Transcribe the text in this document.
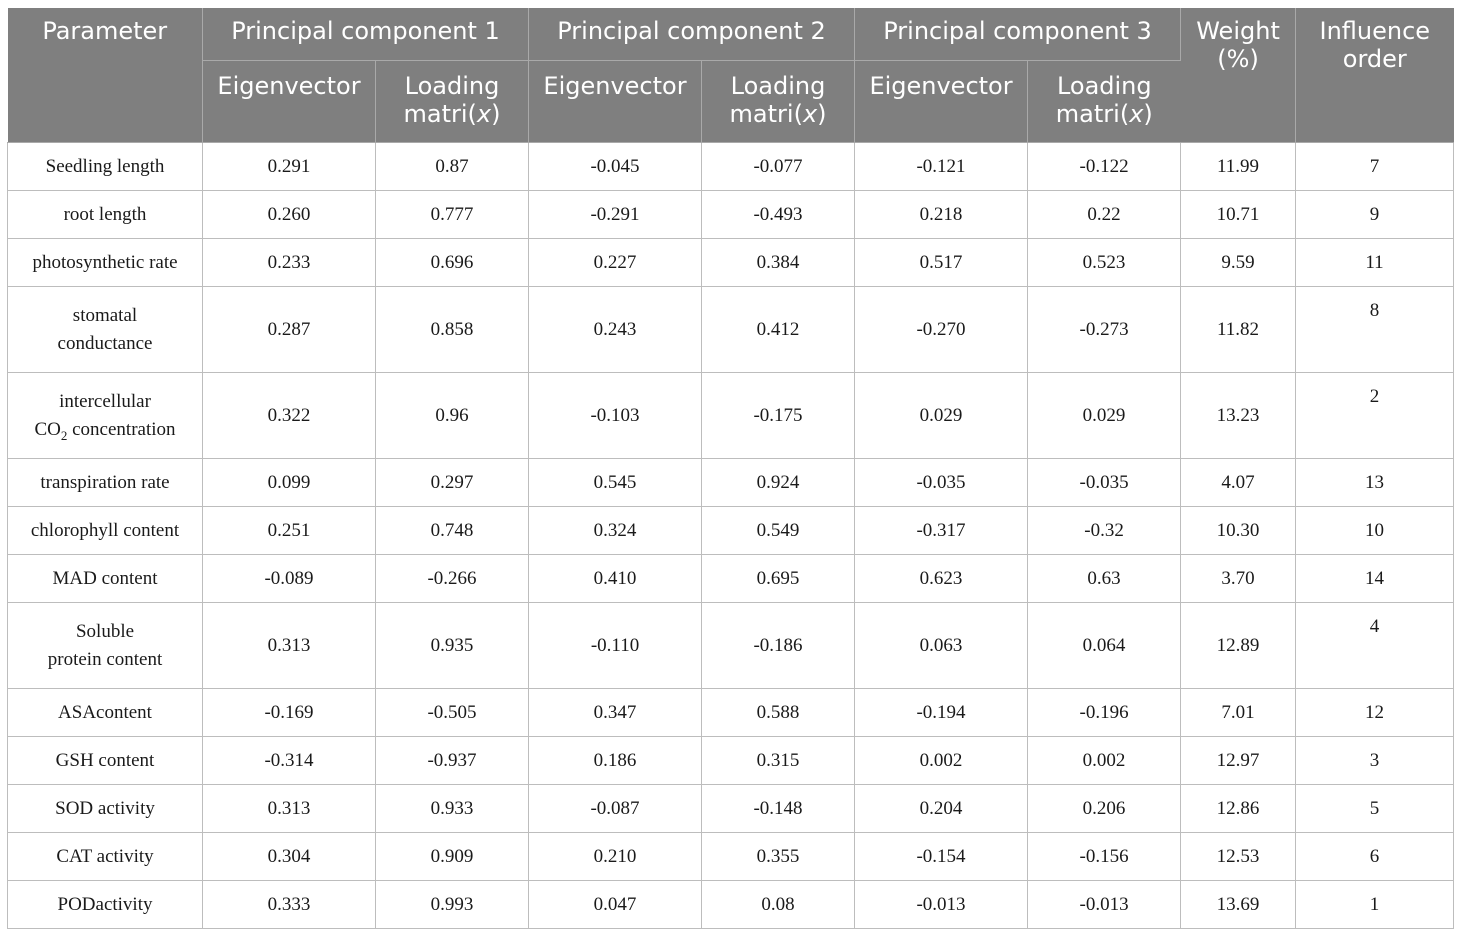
Parameter	Principal component 1		Principal component 2		Principal component 3		Weight (%)	Influence order
	Eigenvector	Loading matri(x)	Eigenvector	Loading matri(x)	Eigenvector	Loading matri(x)		
Seedling length	0.291	0.87	-0.045	-0.077	-0.121	-0.122	11.99	7
root length	0.260	0.777	-0.291	-0.493	0.218	0.22	10.71	9
photosynthetic rate	0.233	0.696	0.227	0.384	0.517	0.523	9.59	11
stomatal
conductance	0.287	0.858	0.243	0.412	-0.270	-0.273	11.82	8
intercellular
$CO_2$ concentration	0.322	0.96	-0.103	-0.175	0.029	0.029	13.23	2
transpiration rate	0.099	0.297	0.545	0.924	-0.035	-0.035	4.07	13
chlorophyll content	0.251	0.748	0.324	0.549	-0.317	-0.32	10.30	10
MAD content	-0.089	-0.266	0.410	0.695	0.623	0.63	3.70	14
Soluble
protein content	0.313	0.935	-0.110	-0.186	0.063	0.064	12.89	4
ASAcontent	-0.169	-0.505	0.347	0.588	-0.194	-0.196	7.01	12
GSH content	-0.314	-0.937	0.186	0.315	0.002	0.002	12.97	3
SOD activity	0.313	0.933	-0.087	-0.148	0.204	0.206	12.86	5
CAT activity	0.304	0.909	0.210	0.355	-0.154	-0.156	12.53	6
PODactivity	0.333	0.993	0.047	0.08	-0.013	-0.013	13.69	1
